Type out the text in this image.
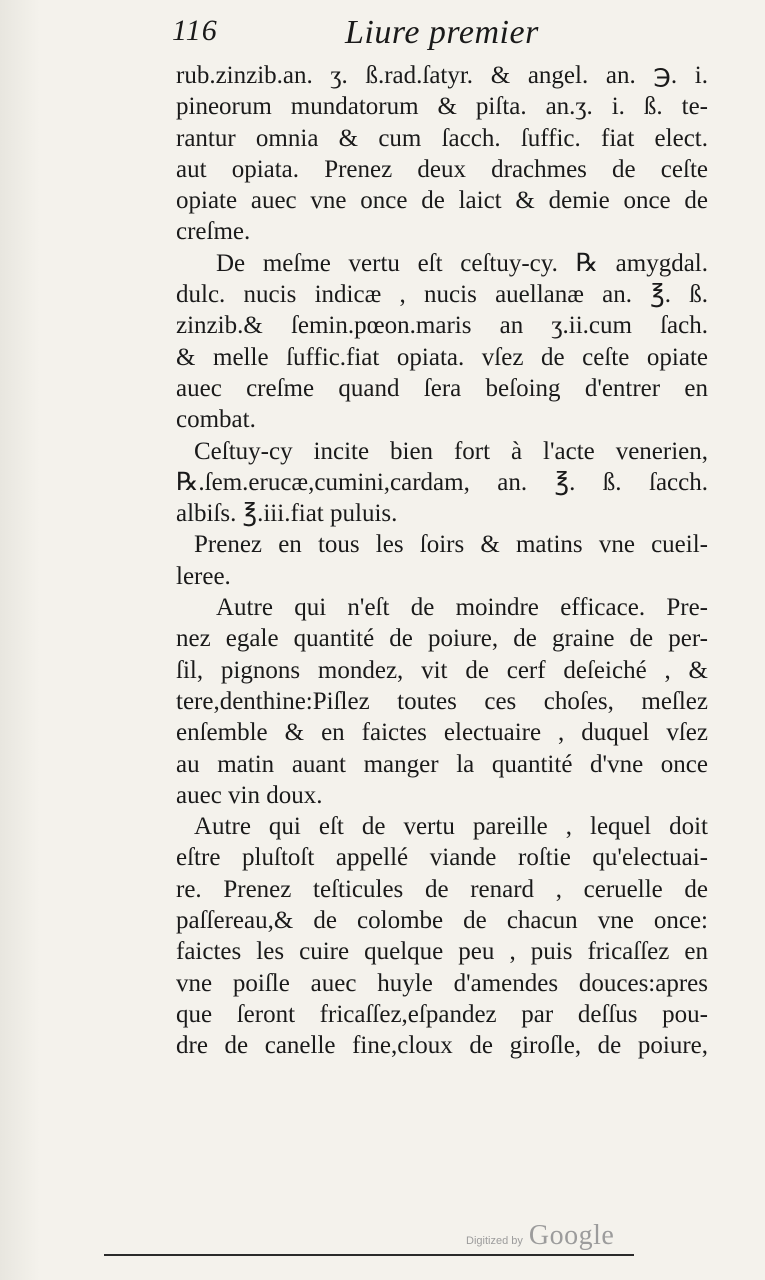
116	Liure premier
rub.zinzib.an. ʒ. ß.rad.ſatyr. & angel. an. ℈. i.
pineorum mundatorum & piſta. an.ʒ. i. ß. te-
rantur omnia & cum ſacch. ſuffic. fiat elect.
aut opiata. Prenez deux drachmes de ceſte
opiate auec vne once de laict & demie once de
creſme.
De meſme vertu eſt ceſtuy-cy. ℞ amygdal.
dulc. nucis indicæ , nucis auellanæ an. ℥. ß.
zinzib.& ſemin.pœon.maris an ʒ.ii.cum ſach.
& melle ſuffic.fiat opiata. vſez de ceſte opiate
auec creſme quand ſera beſoing d'entrer en
combat.
Ceſtuy-cy incite bien fort à l'acte venerien,
℞.ſem.erucæ,cumini,cardam, an. ℥. ß. ſacch.
albiſs. ℥.iii.fiat puluis.
Prenez en tous les ſoirs & matins vne cueil-
leree.
Autre qui n'eſt de moindre efficace. Pre-
nez egale quantité de poiure, de graine de per-
ſil, pignons mondez, vit de cerf deſeiché , &
tere,denthine:Piſlez toutes ces choſes, meſlez
enſemble & en faictes electuaire , duquel vſez
au matin auant manger la quantité d'vne once
auec vin doux.
Autre qui eſt de vertu pareille , lequel doit
eſtre pluſtoſt appellé viande roſtie qu'electuai-
re. Prenez teſticules de renard , ceruelle de
paſſereau,& de colombe de chacun vne once:
faictes les cuire quelque peu , puis fricaſſez en
vne poiſle auec huyle d'amendes douces:apres
que ſeront fricaſſez,eſpandez par deſſus pou-
dre de canelle fine,cloux de giroſle, de poiure,
Digitized by Google
